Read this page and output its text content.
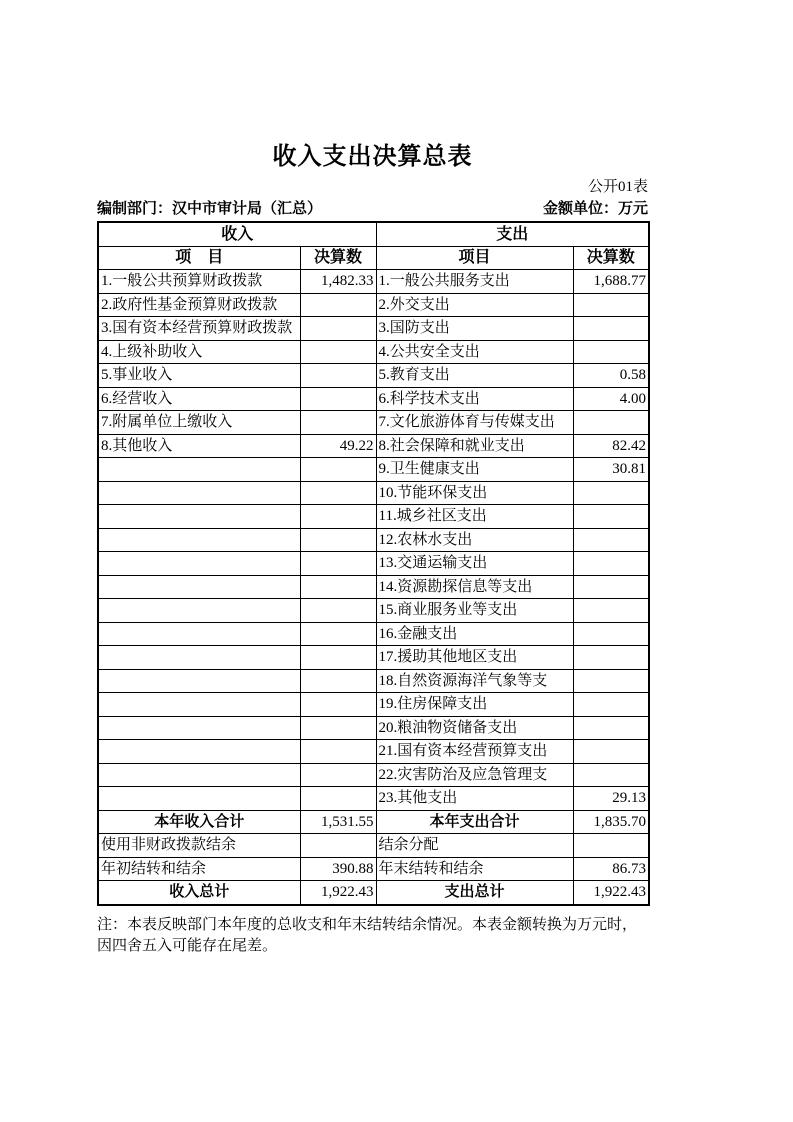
收入支出决算总表
公开01表
编制部门：汉中市审计局（汇总）	金额单位：万元
收入		支出	
项　目	决算数	项目	决算数
1.一般公共预算财政拨款	1,482.33	1.一般公共服务支出	1,688.77
2.政府性基金预算财政拨款		2.外交支出	
3.国有资本经营预算财政拨款		3.国防支出	
4.上级补助收入		4.公共安全支出	
5.事业收入		5.教育支出	0.58
6.经营收入		6.科学技术支出	4.00
7.附属单位上缴收入		7.文化旅游体育与传媒支出	
8.其他收入	49.22	8.社会保障和就业支出	82.42
		9.卫生健康支出	30.81
		10.节能环保支出	
		11.城乡社区支出	
		12.农林水支出	
		13.交通运输支出	
		14.资源勘探信息等支出	
		15.商业服务业等支出	
		16.金融支出	
		17.援助其他地区支出	
		18.自然资源海洋气象等支	
		19.住房保障支出	
		20.粮油物资储备支出	
		21.国有资本经营预算支出	
		22.灾害防治及应急管理支	
		23.其他支出	29.13
本年收入合计	1,531.55	本年支出合计	1,835.70
使用非财政拨款结余		结余分配	
年初结转和结余	390.88	年末结转和结余	86.73
收入总计	1,922.43	支出总计	1,922.43
注：本表反映部门本年度的总收支和年末结转结余情况。本表金额转换为万元时，
因四舍五入可能存在尾差。
